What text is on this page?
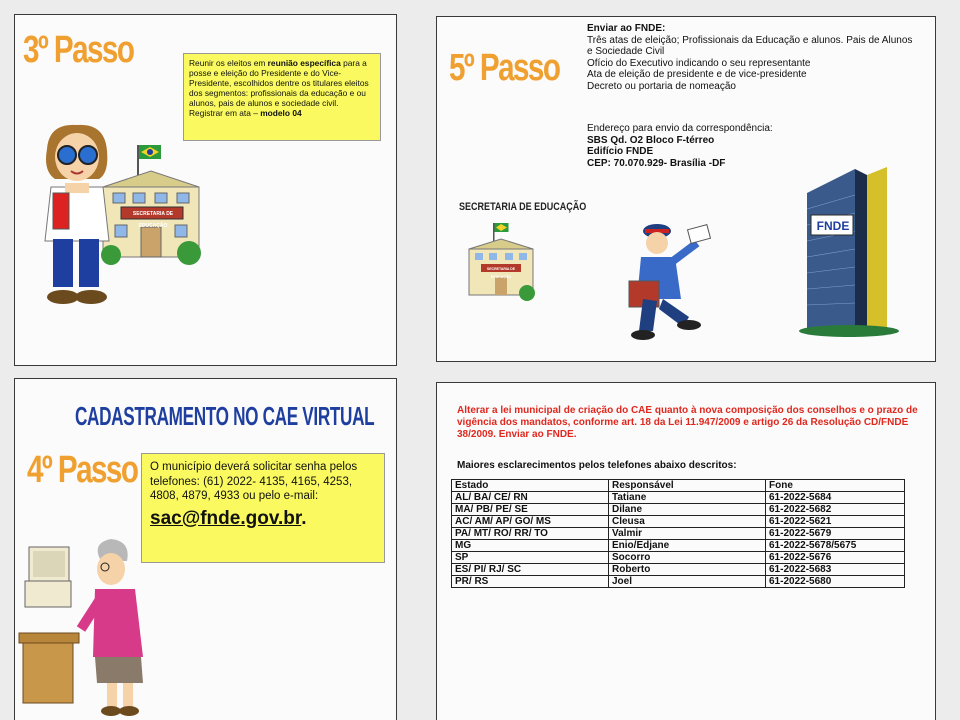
3º Passo	Reunir os eleitos em reunião específica para a posse e eleição do Presidente e do Vice-Presidente, escolhidos dentre os titulares eleitos dos segmentos: profissionais da educação e ou alunos, pais de alunos e sociedade civil.
Registrar em ata – modelo 04
SECRETARIA DE EDUCAÇÃO
5º Passo
Enviar ao FNDE:
Três atas de eleição; Profissionais da Educação e alunos. Pais de Alunos e Sociedade Civil
Ofício do Executivo indicando o seu representante
Ata de eleição de presidente e de vice-presidente
Decreto ou portaria de nomeação
Endereço para envio da correspondência:
SBS Qd. O2 Bloco F-térreo
Edifício FNDE
CEP: 70.070.929- Brasília -DF
SECRETARIA DE EDUCAÇÃO
SECRETARIA DE EDUCAÇÃO
FNDE
CADASTRAMENTO NO CAE VIRTUAL
4º Passo O município deverá solicitar senha pelos telefones: (61) 2022- 4135, 4165, 4253, 4808, 4879, 4933 ou pelo e-mail:
sac@fnde.gov.br.
Alterar a lei municipal de criação do CAE quanto à nova composição dos conselhos e o prazo de vigência dos mandatos, conforme art. 18 da Lei 11.947/2009 e artigo 26 da Resolução CD/FNDE 38/2009. Enviar ao FNDE.
Maiores esclarecimentos pelos telefones abaixo descritos:
Estado	Responsável	Fone
AL/ BA/ CE/ RN	Tatiane	61-2022-5684
MA/ PB/ PE/ SE	Dilane	61-2022-5682
AC/ AM/ AP/ GO/ MS	Cleusa	61-2022-5621
PA/ MT/ RO/ RR/ TO	Valmir	61-2022-5679
MG	Enio/Edjane	61-2022-5678/5675
SP	Socorro	61-2022-5676
ES/ PI/ RJ/ SC	Roberto	61-2022-5683
PR/ RS	Joel	61-2022-5680
